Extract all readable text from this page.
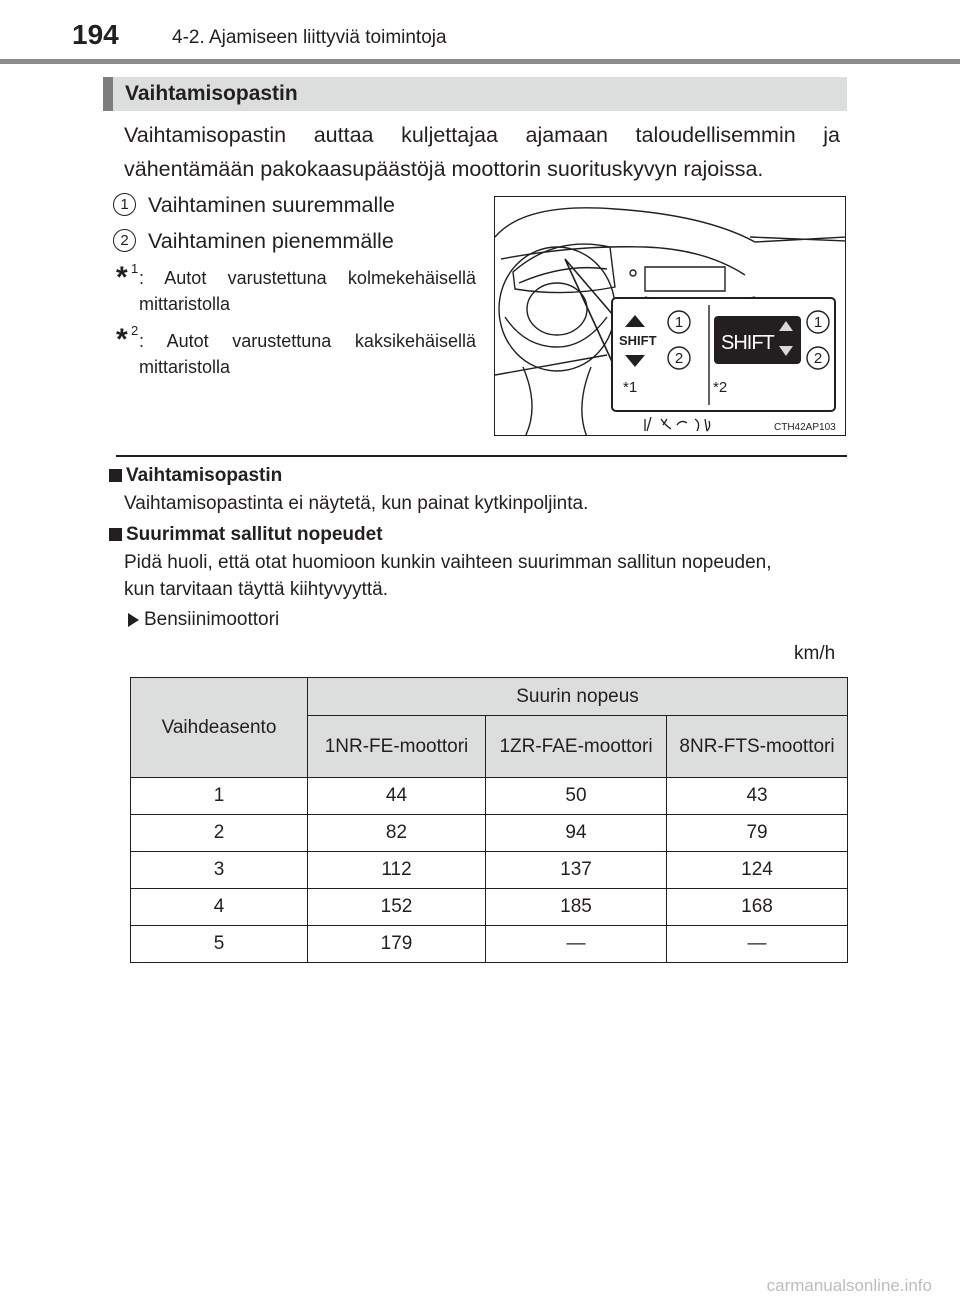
194	4-2. Ajamiseen liittyviä toimintoja
Vaihtamisopastin
Vaihtamisopastin auttaa kuljettajaa ajamaan taloudellisemmin ja vähentämään pakokaasupäästöjä moottorin suorituskyvyn rajoissa.
1 Vaihtaminen suuremmalle
2 Vaihtaminen pienemmälle
* 1 : Autot varustettuna kolmekehäisellä mittaristolla
* 2
: Autot varustettuna kaksikehäisellä mittaristolla
SHIFT
1
2
SHIFT
1
2
*1	*2
CTH42AP103
Vaihtamisopastin
Vaihtamisopastinta ei näytetä, kun painat kytkinpoljinta.
Suurimmat sallitut nopeudet
Pidä huoli, että otat huomioon kunkin vaihteen suurimman sallitun nopeuden,
kun tarvitaan täyttä kiihtyvyyttä.
Bensiinimoottori
km/h
Vaihdeasento	Suurin nopeus		
	1NR-FE-moottori	1ZR-FAE-moottori	8NR-FTS-moottori
1	44	50	43
2	82	94	79
3	112	137	124
4	152	185	168
5	179	—	—
carmanualsonline.info
